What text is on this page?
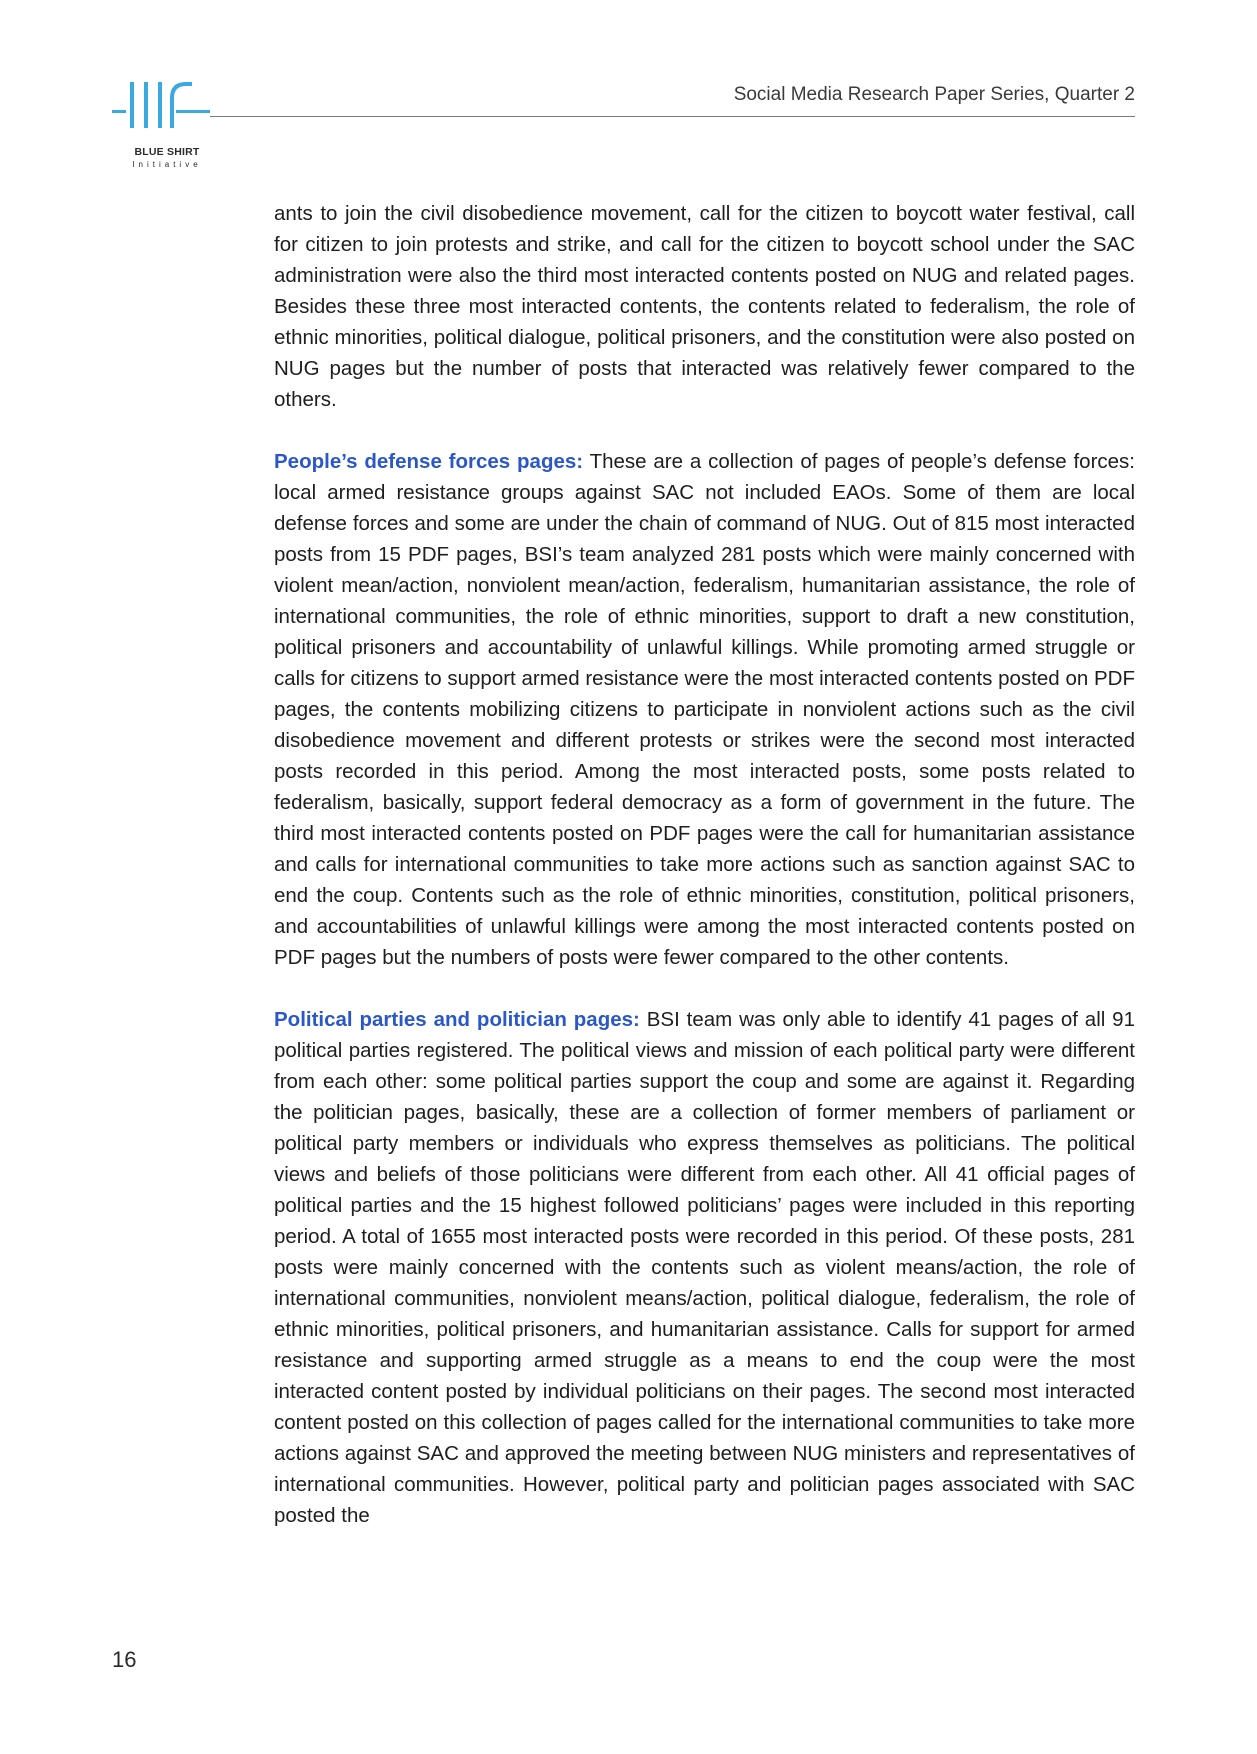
BLUE SHIRT
Initiative
Social Media Research Paper Series, Quarter 2

ants to join the civil disobedience movement, call for the citizen to boycott water festival, call for citizen to join protests and strike, and call for the citizen to boycott school under the SAC administration were also the third most interacted contents posted on NUG and related pages. Besides these three most interacted contents, the contents related to federalism, the role of ethnic minorities, political dialogue, political prisoners, and the constitution were also posted on NUG pages but the number of posts that interacted was relatively fewer compared to the others.

People’s defense forces pages: These are a collection of pages of people’s defense forces: local armed resistance groups against SAC not included EAOs. Some of them are local defense forces and some are under the chain of command of NUG. Out of 815 most interacted posts from 15 PDF pages, BSI’s team analyzed 281 posts which were mainly concerned with violent mean/action, nonviolent mean/action, federalism, humanitarian assistance, the role of international communities, the role of ethnic minorities, support to draft a new constitution, political prisoners and accountability of unlawful killings. While promoting armed struggle or calls for citizens to support armed resistance were the most interacted contents posted on PDF pages, the contents mobilizing citizens to participate in nonviolent actions such as the civil disobedience movement and different protests or strikes were the second most interacted posts recorded in this period. Among the most interacted posts, some posts related to federalism, basically, support federal democracy as a form of government in the future. The third most interacted contents posted on PDF pages were the call for humanitarian assistance and calls for international communities to take more actions such as sanction against SAC to end the coup. Contents such as the role of ethnic minorities, constitution, political prisoners, and accountabilities of unlawful killings were among the most interacted contents posted on PDF pages but the numbers of posts were fewer compared to the other contents.

Political parties and politician pages: BSI team was only able to identify 41 pages of all 91 political parties registered. The political views and mission of each political party were different from each other: some political parties support the coup and some are against it. Regarding the politician pages, basically, these are a collection of former members of parliament or political party members or individuals who express themselves as politicians. The political views and beliefs of those politicians were different from each other. All 41 official pages of political parties and the 15 highest followed politicians’ pages were included in this reporting period. A total of 1655 most interacted posts were recorded in this period. Of these posts, 281 posts were mainly concerned with the contents such as violent means/action, the role of international communities, nonviolent means/action, political dialogue, federalism, the role of ethnic minorities, political prisoners, and humanitarian assistance. Calls for support for armed resistance and supporting armed struggle as a means to end the coup were the most interacted content posted by individual politicians on their pages. The second most interacted content posted on this collection of pages called for the international communities to take more actions against SAC and approved the meeting between NUG ministers and representatives of international communities. However, political party and politician pages associated with SAC posted the

16
